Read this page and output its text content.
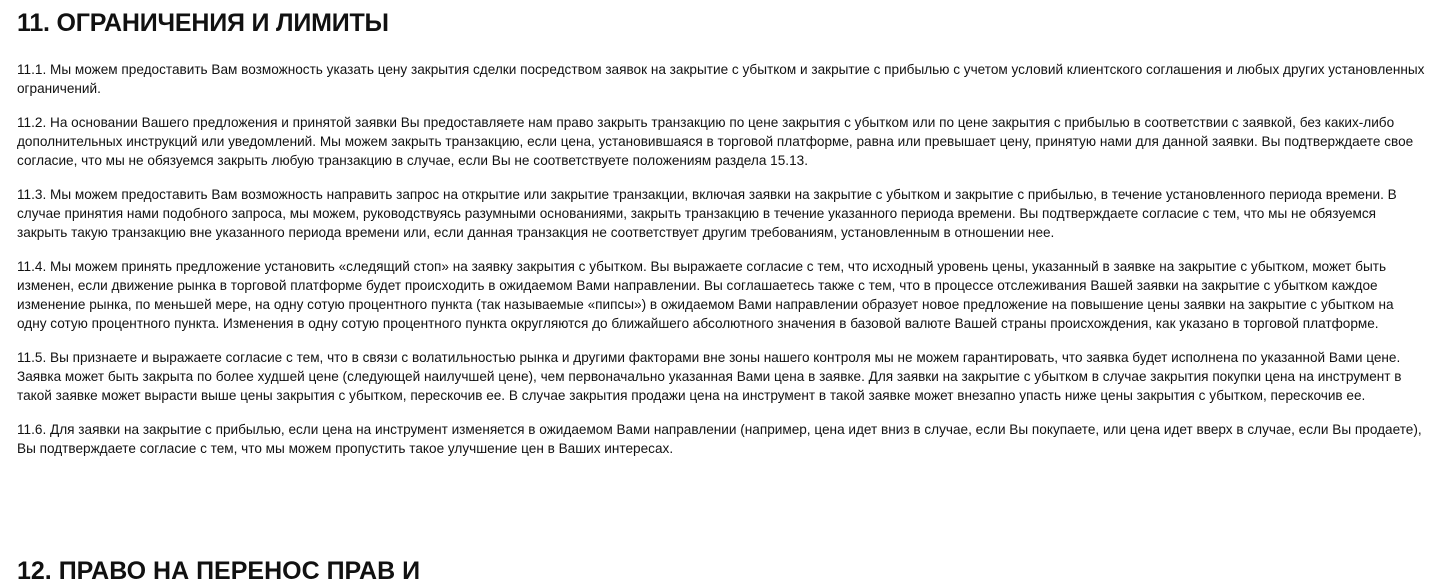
11. ОГРАНИЧЕНИЯ И ЛИМИТЫ

11.1. Мы можем предоставить Вам возможность указать цену закрытия сделки посредством заявок на закрытие с убытком и закрытие с прибылью с учетом условий клиентского соглашения и любых других установленных ограничений.

11.2. На основании Вашего предложения и принятой заявки Вы предоставляете нам право закрыть транзакцию по цене закрытия с убытком или по цене закрытия с прибылью в соответствии с заявкой, без каких-либо дополнительных инструкций или уведомлений. Мы можем закрыть транзакцию, если цена, установившаяся в торговой платформе, равна или превышает цену, принятую нами для данной заявки. Вы подтверждаете свое согласие, что мы не обязуемся закрыть любую транзакцию в случае, если Вы не соответствуете положениям раздела 15.13.

11.3. Мы можем предоставить Вам возможность направить запрос на открытие или закрытие транзакции, включая заявки на закрытие с убытком и закрытие с прибылью, в течение установленного периода времени. В случае принятия нами подобного запроса, мы можем, руководствуясь разумными основаниями, закрыть транзакцию в течение указанного периода времени. Вы подтверждаете согласие с тем, что мы не обязуемся закрыть такую транзакцию вне указанного периода времени или, если данная транзакция не соответствует другим требованиям, установленным в отношении нее.

11.4. Мы можем принять предложение установить «следящий стоп» на заявку закрытия с убытком. Вы выражаете согласие с тем, что исходный уровень цены, указанный в заявке на закрытие с убытком, может быть изменен, если движение рынка в торговой платформе будет происходить в ожидаемом Вами направлении. Вы соглашаетесь также с тем, что в процессе отслеживания Вашей заявки на закрытие с убытком каждое изменение рынка, по меньшей мере, на одну сотую процентного пункта (так называемые «пипсы») в ожидаемом Вами направлении образует новое предложение на повышение цены заявки на закрытие с убытком на одну сотую процентного пункта. Изменения в одну сотую процентного пункта округляются до ближайшего абсолютного значения в базовой валюте Вашей страны происхождения, как указано в торговой платформе.

11.5. Вы признаете и выражаете согласие с тем, что в связи с волатильностью рынка и другими факторами вне зоны нашего контроля мы не можем гарантировать, что заявка будет исполнена по указанной Вами цене. Заявка может быть закрыта по более худшей цене (следующей наилучшей цене), чем первоначально указанная Вами цена в заявке. Для заявки на закрытие с убытком в случае закрытия покупки цена на инструмент в такой заявке может вырасти выше цены закрытия с убытком, перескочив ее. В случае закрытия продажи цена на инструмент в такой заявке может внезапно упасть ниже цены закрытия с убытком, перескочив ее.

11.6. Для заявки на закрытие с прибылью, если цена на инструмент изменяется в ожидаемом Вами направлении (например, цена идет вниз в случае, если Вы покупаете, или цена идет вверх в случае, если Вы продаете), Вы подтверждаете согласие с тем, что мы можем пропустить такое улучшение цен в Ваших интересах.

12. ПРАВО НА ПЕРЕНОС ПРАВ И
